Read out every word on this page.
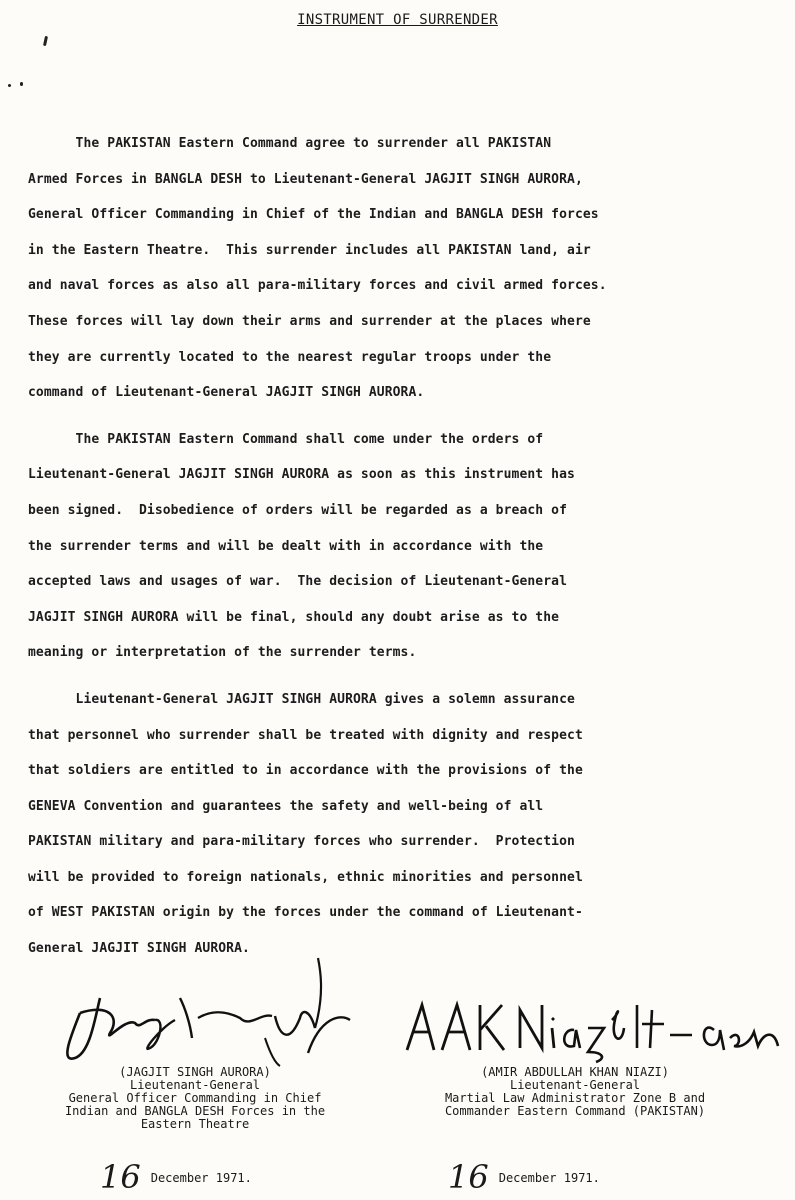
INSTRUMENT OF SURRENDER
The PAKISTAN Eastern Command agree to surrender all PAKISTAN
Armed Forces in BANGLA DESH to Lieutenant-General JAGJIT SINGH AURORA,
General Officer Commanding in Chief of the Indian and BANGLA DESH forces
in the Eastern Theatre.  This surrender includes all PAKISTAN land, air
and naval forces as also all para-military forces and civil armed forces.
These forces will lay down their arms and surrender at the places where
they are currently located to the nearest regular troops under the
command of Lieutenant-General JAGJIT SINGH AURORA.
The PAKISTAN Eastern Command shall come under the orders of
Lieutenant-General JAGJIT SINGH AURORA as soon as this instrument has
been signed.  Disobedience of orders will be regarded as a breach of
the surrender terms and will be dealt with in accordance with the
accepted laws and usages of war.  The decision of Lieutenant-General
JAGJIT SINGH AURORA will be final, should any doubt arise as to the
meaning or interpretation of the surrender terms.
Lieutenant-General JAGJIT SINGH AURORA gives a solemn assurance
that personnel who surrender shall be treated with dignity and respect
that soldiers are entitled to in accordance with the provisions of the
GENEVA Convention and guarantees the safety and well-being of all
PAKISTAN military and para-military forces who surrender.  Protection
will be provided to foreign nationals, ethnic minorities and personnel
of WEST PAKISTAN origin by the forces under the command of Lieutenant-
General JAGJIT SINGH AURORA.
(JAGJIT SINGH AURORA)
Lieutenant-General
General Officer Commanding in Chief
Indian and BANGLA DESH Forces in the
Eastern Theatre
(AMIR ABDULLAH KHAN NIAZI)
Lieutenant-General
Martial Law Administrator Zone B and
Commander Eastern Command (PAKISTAN)
16 December 1971.	16 December 1971.
